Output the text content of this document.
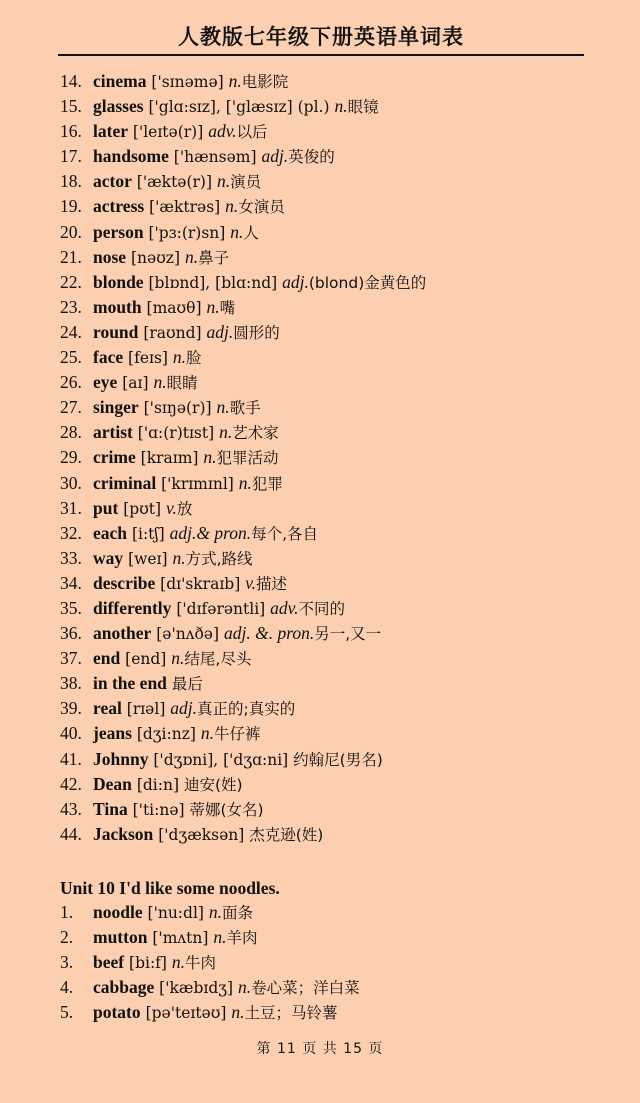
人教版七年级下册英语单词表
14. cinema ['sɪnəmə] n.电影院
15. glasses ['glɑ:sɪz], ['glæsɪz] (pl.) n.眼镜
16. later ['leɪtə(r)] adv.以后
17. handsome ['hænsəm] adj.英俊的
18. actor ['æktə(r)] n.演员
19. actress ['æktrəs] n.女演员
20. person ['pɜ:(r)sn] n.人
21. nose [nəʊz] n.鼻子
22. blonde [blɒnd], [blɑ:nd] adj.(blond)金黄色的
23. mouth [maʊθ] n.嘴
24. round [raʊnd] adj.圆形的
25. face [feɪs] n.脸
26. eye [aɪ] n.眼睛
27. singer ['sɪŋə(r)] n.歌手
28. artist ['ɑ:(r)tɪst] n.艺术家
29. crime [kraɪm] n.犯罪活动
30. criminal ['krɪmɪnl] n.犯罪
31. put [pʊt] v.放
32. each [i:tʃ] adj.& pron.每个,各自
33. way [weɪ] n.方式,路线
34. describe [dɪ'skraɪb] v.描述
35. differently ['dɪfərəntli] adv.不同的
36. another [ə'nʌðə] adj. &. pron.另一,又一
37. end [end] n.结尾,尽头
38. in the end 最后
39. real [rɪəl] adj.真正的;真实的
40. jeans [dʒi:nz] n.牛仔裤
41. Johnny ['dʒɒni], ['dʒɑ:ni] 约翰尼(男名)
42. Dean [di:n] 迪安(姓)
43. Tina ['ti:nə] 蒂娜(女名)
44. Jackson ['dʒæksən] 杰克逊(姓)
Unit 10 I'd like some noodles.
1. noodle ['nu:dl] n.面条
2. mutton ['mʌtn] n.羊肉
3. beef [bi:f] n.牛肉
4. cabbage ['kæbɪdʒ] n.卷心菜；洋白菜
5. potato [pə'teɪtəʊ] n.土豆；马铃薯
第 11 页 共 15 页
